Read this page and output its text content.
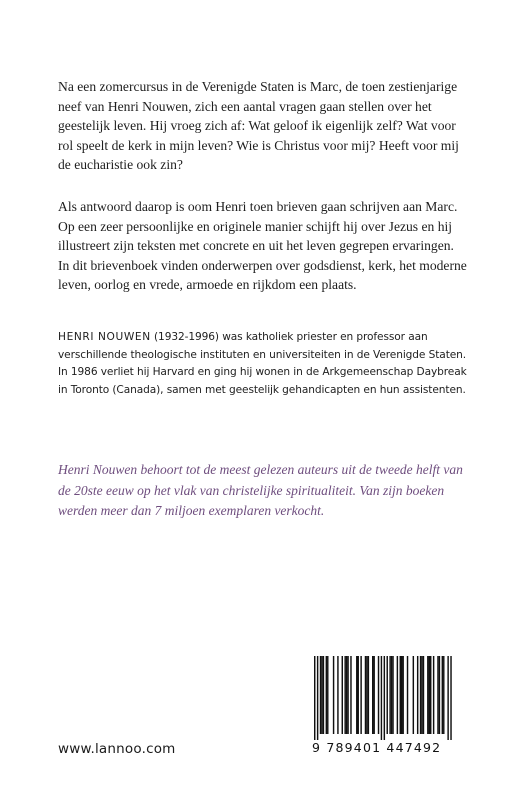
Na een zomercursus in de Verenigde Staten is Marc, de toen zestienjarige neef van Henri Nouwen, zich een aantal vragen gaan stellen over het geestelijk leven. Hij vroeg zich af: Wat geloof ik eigenlijk zelf? Wat voor rol speelt de kerk in mijn leven? Wie is Christus voor mij? Heeft voor mij de eucharistie ook zin?

Als antwoord daarop is oom Henri toen brieven gaan schrijven aan Marc. Op een zeer persoonlijke en originele manier schijft hij over Jezus en hij illustreert zijn teksten met concrete en uit het leven gegrepen ervaringen. In dit brievenboek vinden onderwerpen over godsdienst, kerk, het moderne leven, oorlog en vrede, armoede en rijkdom een plaats.

HENRI NOUWEN (1932-1996) was katholiek priester en professor aan verschillende theologische instituten en universiteiten in de Verenigde Staten. In 1986 verliet hij Harvard en ging hij wonen in de Arkgemeenschap Daybreak in Toronto (Canada), samen met geestelijk gehandicapten en hun assistenten.

Henri Nouwen behoort tot de meest gelezen auteurs uit de tweede helft van de 20ste eeuw op het vlak van christelijke spiritualiteit. Van zijn boeken werden meer dan 7 miljoen exemplaren verkocht.

www.lannoo.com	9 789401 447492
